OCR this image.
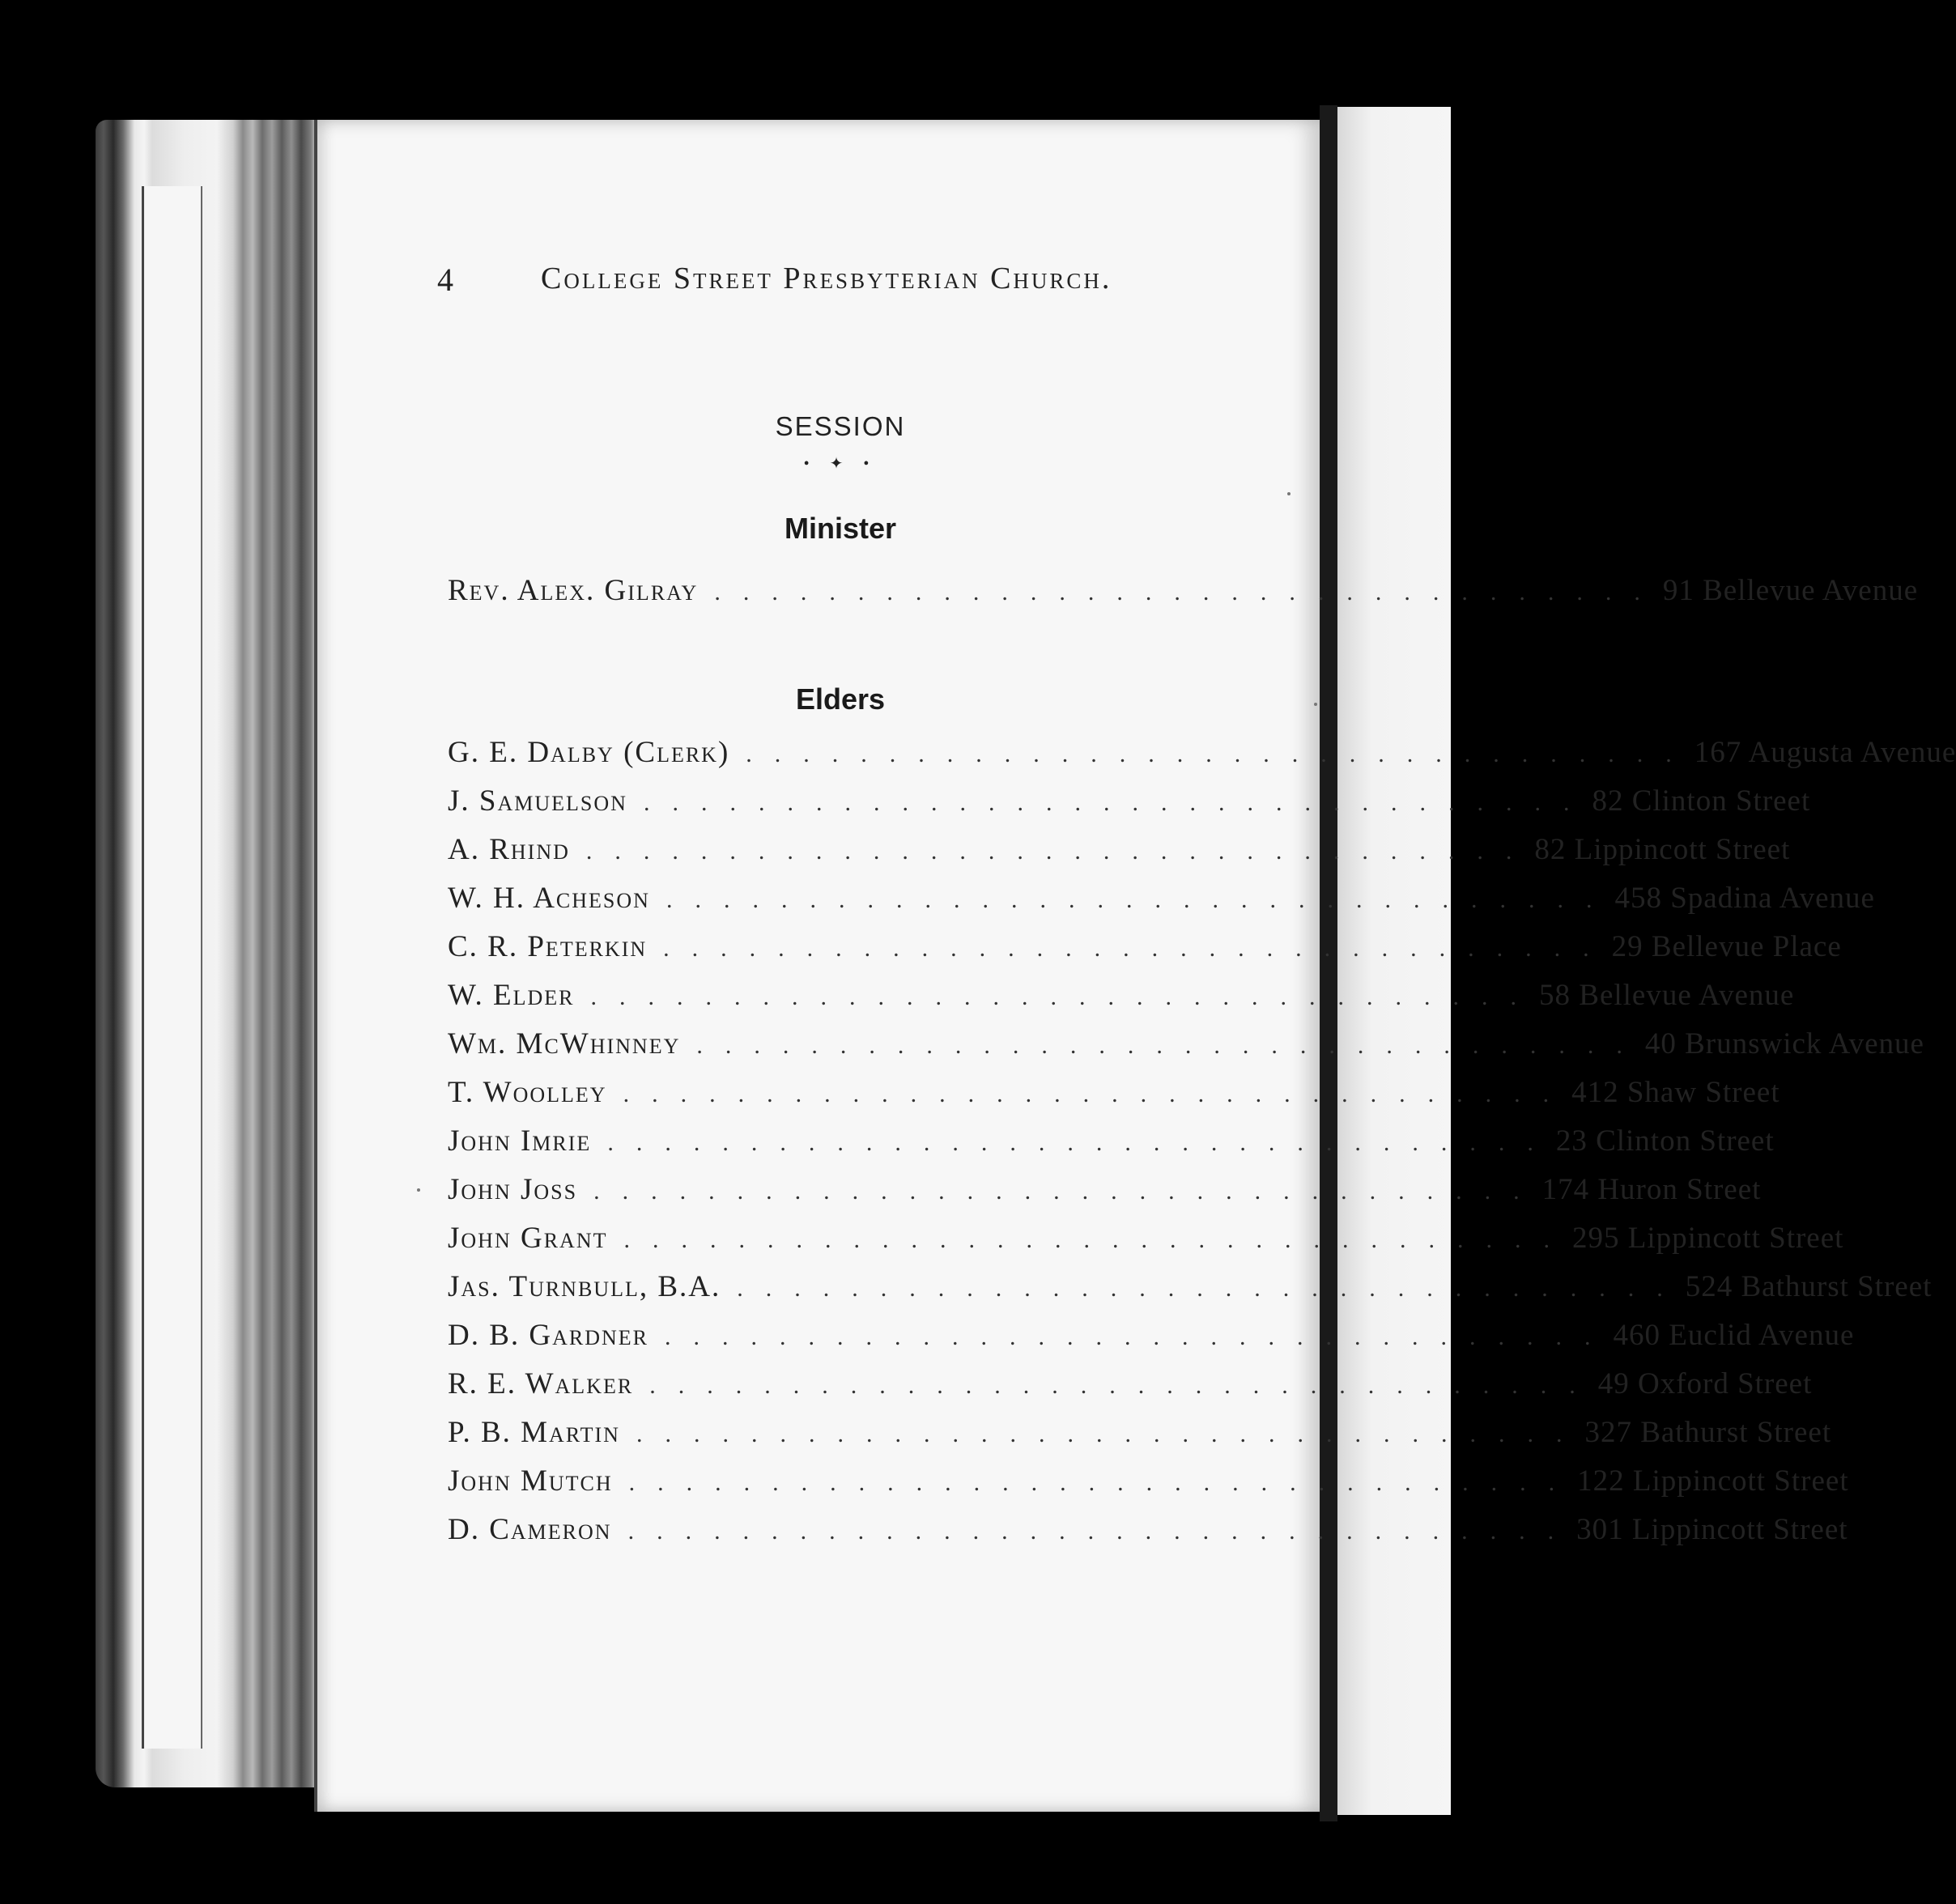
4	College Street Presbyterian Church.
SESSION
• ✦ •
Minister
Rev. Alex. Gilray ................................. 91 Bellevue Avenue
Elders
G. E. Dalby (Clerk) ................................. 167 Augusta Avenue
J. Samuelson ................................. 82 Clinton Street
A. Rhind ................................. 82 Lippincott Street
W. H. Acheson ................................. 458 Spadina Avenue
C. R. Peterkin ................................. 29 Bellevue Place
W. Elder ................................. 58 Bellevue Avenue
Wm. McWhinney ................................. 40 Brunswick Avenue
T. Woolley ................................. 412 Shaw Street
John Imrie ................................. 23 Clinton Street
John Joss ................................. 174 Huron Street
John Grant ................................. 295 Lippincott Street
Jas. Turnbull, B.A. ................................. 524 Bathurst Street
D. B. Gardner ................................. 460 Euclid Avenue
R. E. Walker ................................. 49 Oxford Street
P. B. Martin ................................. 327 Bathurst Street
John Mutch ................................. 122 Lippincott Street
D. Cameron ................................. 301 Lippincott Street
